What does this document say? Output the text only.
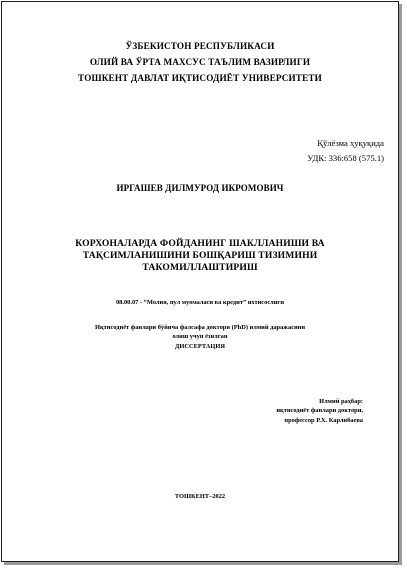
ЎЗБЕКИСТОН РЕСПУБЛИКАСИ
ОЛИЙ ВА ЎРТА МАХСУС ТАЪЛИМ ВАЗИРЛИГИ
ТОШКЕНТ ДАВЛАТ ИҚТИСОДИЁТ УНИВЕРСИТЕТИ
Қўлёзма ҳуқуқида
УДК: 336:658 (575.1)
ИРГАШЕВ ДИЛМУРОД ИКРОМОВИЧ
КОРХОНАЛАРДА ФОЙДАНИНГ ШАКЛЛАНИШИ ВА
ТАҚСИМЛАНИШИНИ БОШҚАРИШ ТИЗИМИНИ
ТАКОМИЛЛАШТИРИШ
08.00.07 - “Молия, пул муомаласи ва кредит” ихтисослиги
Иқтисодиёт фанлари бўйича фалсафа доктори (PhD) илмий даражасини
олиш учун ёзилган
ДИССЕРТАЦИЯ
Илмий раҳбар:
иқтисодиёт фанлари доктори,
профессор Р.Х. Карлибаева
ТОШКЕНТ–2022
